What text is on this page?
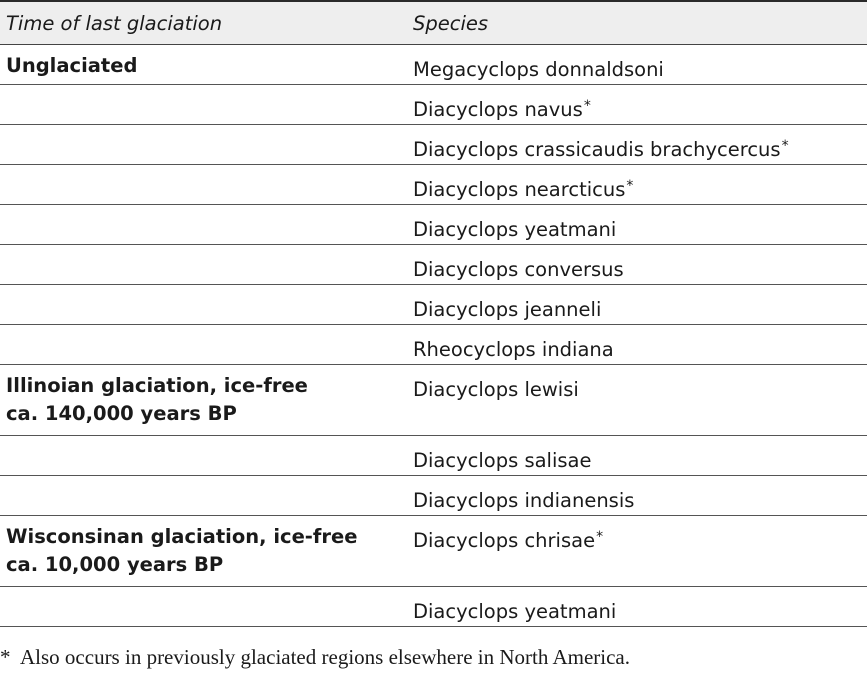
Time of last glaciation	Species
Unglaciated	Megacyclops donnaldsoni
Diacyclops navus*
Diacyclops crassicaudis brachycercus*
Diacyclops nearcticus*
Diacyclops yeatmani
Diacyclops conversus
Diacyclops jeanneli
Rheocyclops indiana
Illinoian glaciation, ice-free
ca. 140,000 years BP
Diacyclops lewisi
Diacyclops salisae
Diacyclops indianensis
Wisconsinan glaciation, ice-free
ca. 10,000 years BP
Diacyclops chrisae*
Diacyclops yeatmani
* Also occurs in previously glaciated regions elsewhere in North America.
